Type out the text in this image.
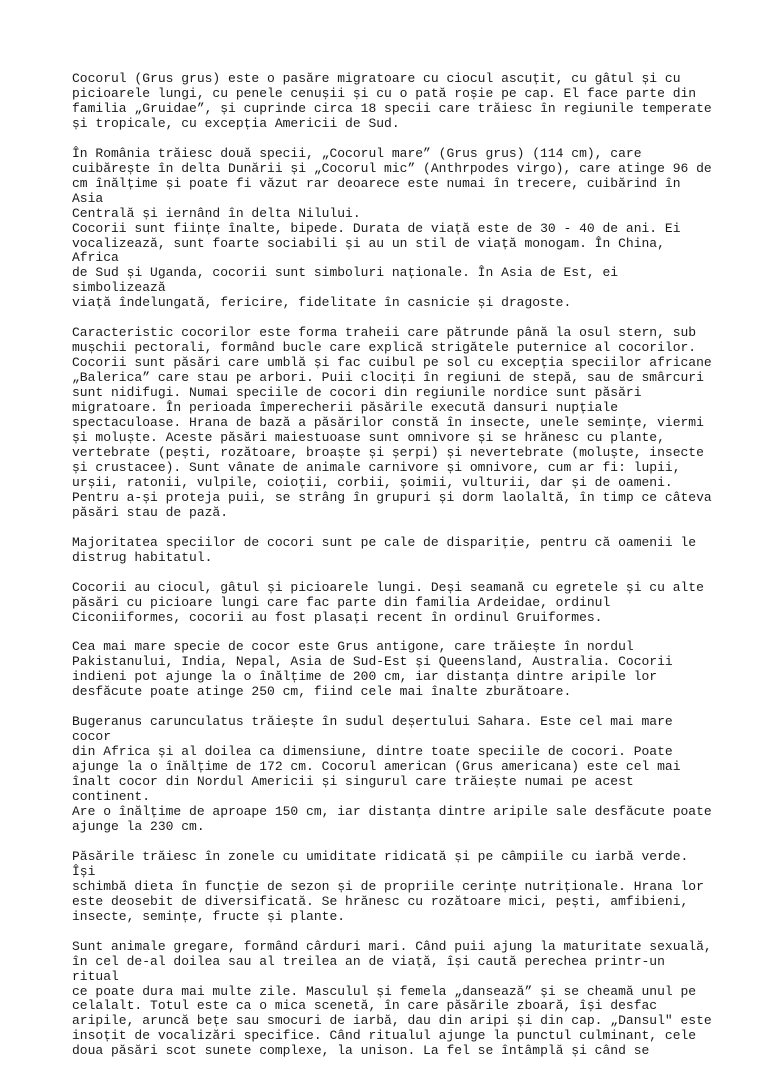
Cocorul (Grus grus) este o pasăre migratoare cu ciocul ascuțit, cu gâtul și cu
picioarele lungi, cu penele cenușii și cu o pată roșie pe cap. El face parte din
familia „Gruidae”, și cuprinde circa 18 specii care trăiesc în regiunile temperate
și tropicale, cu excepția Americii de Sud.

În România trăiesc două specii, „Cocorul mare” (Grus grus) (114 cm), care
cuibărește în delta Dunării și „Cocorul mic” (Anthrpodes virgo), care atinge 96 de
cm înălțime și poate fi văzut rar deoarece este numai în trecere, cuibărind în Asia
Centrală și iernând în delta Nilului.

Cocorii sunt ființe înalte, bipede. Durata de viață este de 30 - 40 de ani. Ei
vocalizează, sunt foarte sociabili și au un stil de viață monogam. În China, Africa
de Sud și Uganda, cocorii sunt simboluri naționale. În Asia de Est, ei simbolizează
viață îndelungată, fericire, fidelitate în casnicie și dragoste.

Caracteristic cocorilor este forma traheii care pătrunde până la osul stern, sub
mușchii pectorali, formând bucle care explică strigătele puternice al cocorilor.
Cocorii sunt păsări care umblă și fac cuibul pe sol cu excepția speciilor africane
„Balerica” care stau pe arbori. Puii clociți în regiuni de stepă, sau de smârcuri
sunt nidifugi. Numai speciile de cocori din regiunile nordice sunt păsări
migratoare. În perioada împerecherii păsările execută dansuri nupțiale
spectaculoase. Hrana de bază a păsărilor constă în insecte, unele semințe, viermi
și moluște. Aceste păsări maiestuoase sunt omnivore și se hrănesc cu plante,
vertebrate (pești, rozătoare, broaște și șerpi) și nevertebrate (moluște, insecte
și crustacee). Sunt vânate de animale carnivore și omnivore, cum ar fi: lupii,
urșii, ratonii, vulpile, coioții, corbii, șoimii, vulturii, dar și de oameni.
Pentru a-și proteja puii, se strâng în grupuri și dorm laolaltă, în timp ce câteva
păsări stau de pază.

Majoritatea speciilor de cocori sunt pe cale de dispariție, pentru că oamenii le
distrug habitatul.

Cocorii au ciocul, gâtul și picioarele lungi. Deși seamană cu egretele și cu alte
păsări cu picioare lungi care fac parte din familia Ardeidae, ordinul
Ciconiiformes, cocorii au fost plasați recent în ordinul Gruiformes.

Cea mai mare specie de cocor este Grus antigone, care trăiește în nordul
Pakistanului, India, Nepal, Asia de Sud-Est și Queensland, Australia. Cocorii
indieni pot ajunge la o înălțime de 200 cm, iar distanța dintre aripile lor
desfăcute poate atinge 250 cm, fiind cele mai înalte zburătoare.

Bugeranus carunculatus trăiește în sudul deșertului Sahara. Este cel mai mare cocor
din Africa și al doilea ca dimensiune, dintre toate speciile de cocori. Poate
ajunge la o înălțime de 172 cm. Cocorul american (Grus americana) este cel mai
înalt cocor din Nordul Americii și singurul care trăiește numai pe acest continent.
Are o înălțime de aproape 150 cm, iar distanța dintre aripile sale desfăcute poate
ajunge la 230 cm.

Păsările trăiesc în zonele cu umiditate ridicată și pe câmpiile cu iarbă verde. Își
schimbă dieta în funcție de sezon și de propriile cerințe nutriționale. Hrana lor
este deosebit de diversificată. Se hrănesc cu rozătoare mici, pești, amfibieni,
insecte, semințe, fructe și plante.

Sunt animale gregare, formând cârduri mari. Când puii ajung la maturitate sexuală,
în cel de-al doilea sau al treilea an de viață, își caută perechea printr-un ritual
ce poate dura mai multe zile. Masculul și femela „dansează” și se cheamă unul pe
celalalt. Totul este ca o mica scenetă, în care păsările zboară, își desfac
aripile, aruncă bețe sau smocuri de iarbă, dau din aripi și din cap. „Dansul" este
insoțit de vocalizări specifice. Când ritualul ajunge la punctul culminant, cele
doua păsări scot sunete complexe, la unison. La fel se întâmplă și când se
